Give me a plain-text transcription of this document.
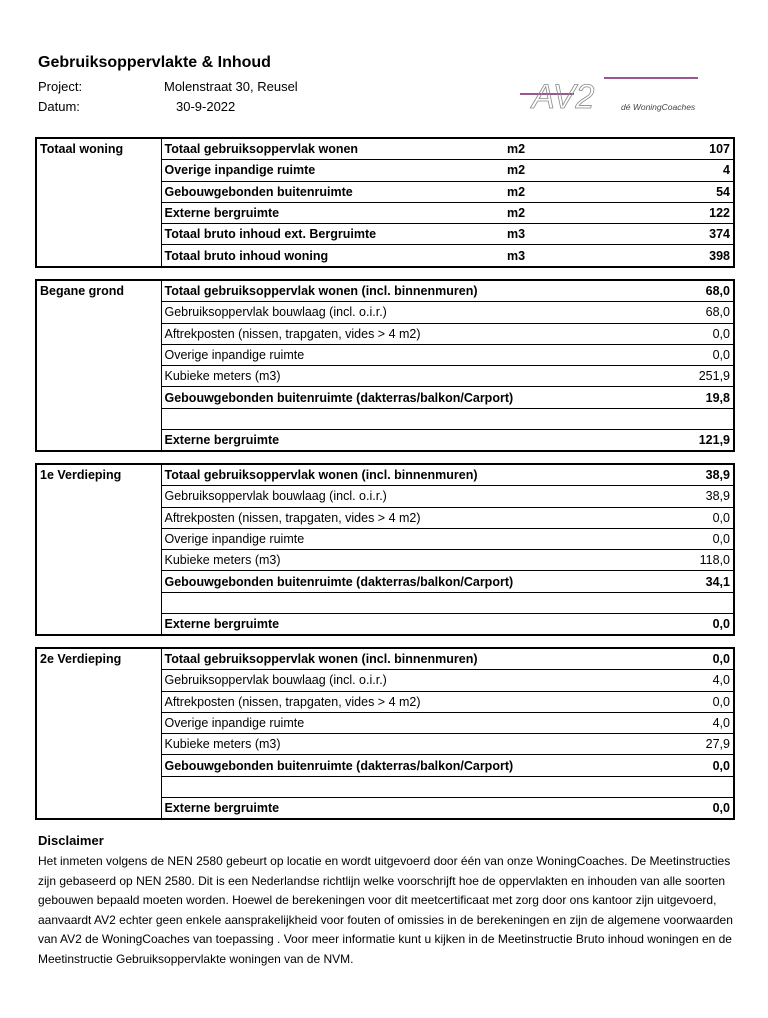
Gebruiksoppervlakte & Inhoud
Project:	Molenstraat 30, Reusel
Datum:	30-9-2022	AV2	dé WoningCoaches
Totaal woning	Totaal gebruiksoppervlak wonen	m2	107
	Overige inpandige ruimte	m2	4
	Gebouwgebonden buitenruimte	m2	54
	Externe bergruimte	m2	122
	Totaal bruto inhoud ext. Bergruimte	m3	374
	Totaal bruto inhoud woning	m3	398
Begane grond	Totaal gebruiksoppervlak wonen (incl. binnenmuren)	68,0
	Gebruiksoppervlak bouwlaag (incl. o.i.r.)	68,0
	Aftrekposten (nissen, trapgaten, vides > 4 m2)	0,0
	Overige inpandige ruimte	0,0
	Kubieke meters (m3)	251,9
	Gebouwgebonden buitenruimte (dakterras/balkon/Carport)	19,8

	Externe bergruimte	121,9
1e Verdieping	Totaal gebruiksoppervlak wonen (incl. binnenmuren)	38,9
	Gebruiksoppervlak bouwlaag (incl. o.i.r.)	38,9
	Aftrekposten (nissen, trapgaten, vides > 4 m2)	0,0
	Overige inpandige ruimte	0,0
	Kubieke meters (m3)	118,0
	Gebouwgebonden buitenruimte (dakterras/balkon/Carport)	34,1

	Externe bergruimte	0,0
2e Verdieping	Totaal gebruiksoppervlak wonen (incl. binnenmuren)	0,0
	Gebruiksoppervlak bouwlaag (incl. o.i.r.)	4,0
	Aftrekposten (nissen, trapgaten, vides > 4 m2)	0,0
	Overige inpandige ruimte	4,0
	Kubieke meters (m3)	27,9
	Gebouwgebonden buitenruimte (dakterras/balkon/Carport)	0,0

	Externe bergruimte	0,0
Disclaimer
Het inmeten volgens de NEN 2580 gebeurt op locatie en wordt uitgevoerd door één van onze WoningCoaches. De Meetinstructies zijn gebaseerd op NEN 2580. Dit is een Nederlandse richtlijn welke voorschrijft hoe de oppervlakten en inhouden van alle soorten gebouwen bepaald moeten worden. Hoewel de berekeningen voor dit meetcertificaat met zorg door ons kantoor zijn uitgevoerd, aanvaardt AV2 echter geen enkele aansprakelijkheid voor fouten of omissies in de berekeningen en zijn de algemene voorwaarden van AV2 de WoningCoaches van toepassing . Voor meer informatie kunt u kijken in de Meetinstructie Bruto inhoud woningen en de Meetinstructie Gebruiksoppervlakte woningen van de NVM.
